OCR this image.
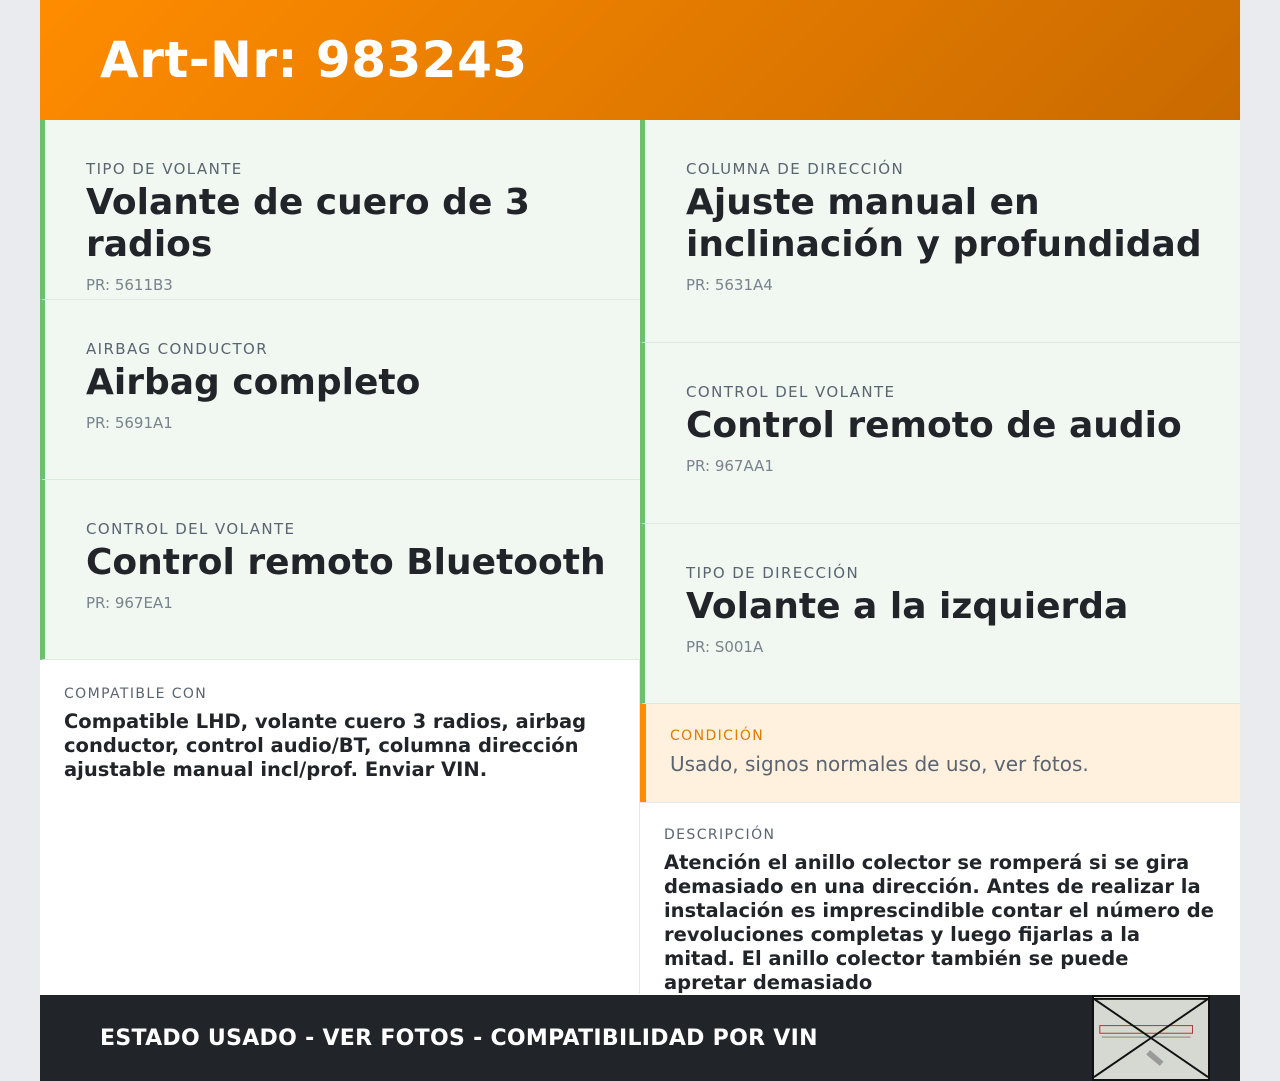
Art-Nr: 983243
TIPO DE VOLANTE
Volante de cuero de 3 radios
PR: 5611B3
AIRBAG CONDUCTOR
Airbag completo
PR: 5691A1
CONTROL DEL VOLANTE
Control remoto Bluetooth
PR: 967EA1
COMPATIBLE CON
Compatible LHD, volante cuero 3 radios, airbag conductor, control audio/BT, columna dirección ajustable manual incl/prof. Enviar VIN.
COLUMNA DE DIRECCIÓN
Ajuste manual en inclinación y profundidad
PR: 5631A4
CONTROL DEL VOLANTE
Control remoto de audio
PR: 967AA1
TIPO DE DIRECCIÓN
Volante a la izquierda
PR: S001A
CONDICIÓN
Usado, signos normales de uso, ver fotos.
DESCRIPCIÓN
Atención el anillo colector se romperá si se gira demasiado en una dirección. Antes de realizar la instalación es imprescindible contar el número de revoluciones completas y luego fijarlas a la mitad. El anillo colector también se puede apretar demasiado
ESTADO USADO - VER FOTOS - COMPATIBILIDAD POR VIN
